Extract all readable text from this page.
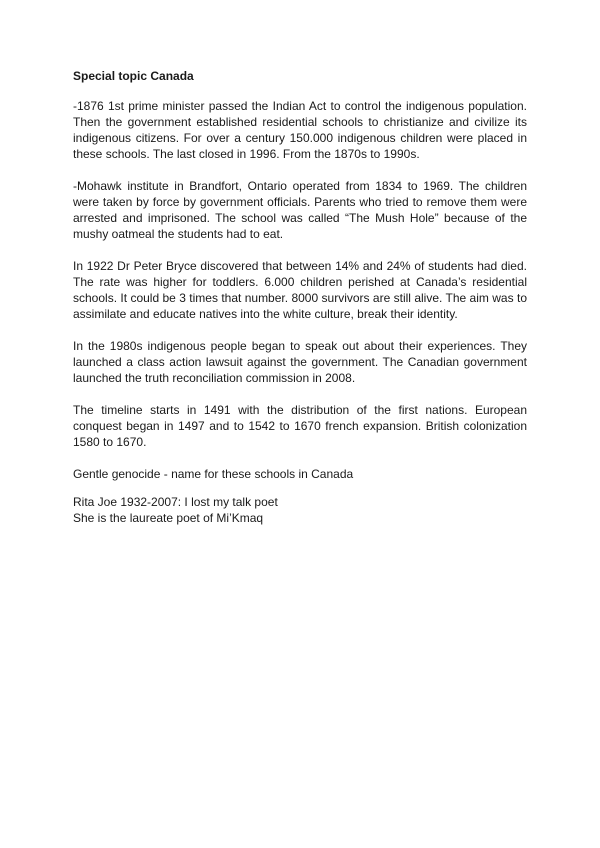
Special topic Canada

-1876 1st prime minister passed the Indian Act to control the indigenous population. Then the government established residential schools to christianize and civilize its indigenous citizens. For over a century 150.000 indigenous children were placed in these schools. The last closed in 1996. From the 1870s to 1990s.

-Mohawk institute in Brandfort, Ontario operated from 1834 to 1969. The children were taken by force by government officials. Parents who tried to remove them were arrested and imprisoned. The school was called “The Mush Hole” because of the mushy oatmeal the students had to eat.

In 1922 Dr Peter Bryce discovered that between 14% and 24% of students had died. The rate was higher for toddlers. 6.000 children perished at Canada’s residential schools. It could be 3 times that number. 8000 survivors are still alive. The aim was to assimilate and educate natives into the white culture, break their identity.

In the 1980s indigenous people began to speak out about their experiences. They launched a class action lawsuit against the government. The Canadian government launched the truth reconciliation commission in 2008.

The timeline starts in 1491 with the distribution of the first nations. European conquest began in 1497 and to 1542 to 1670 french expansion. British colonization 1580 to 1670.

Gentle genocide - name for these schools in Canada

Rita Joe 1932-2007: I lost my talk poet
She is the laureate poet of Mi’Kmaq
